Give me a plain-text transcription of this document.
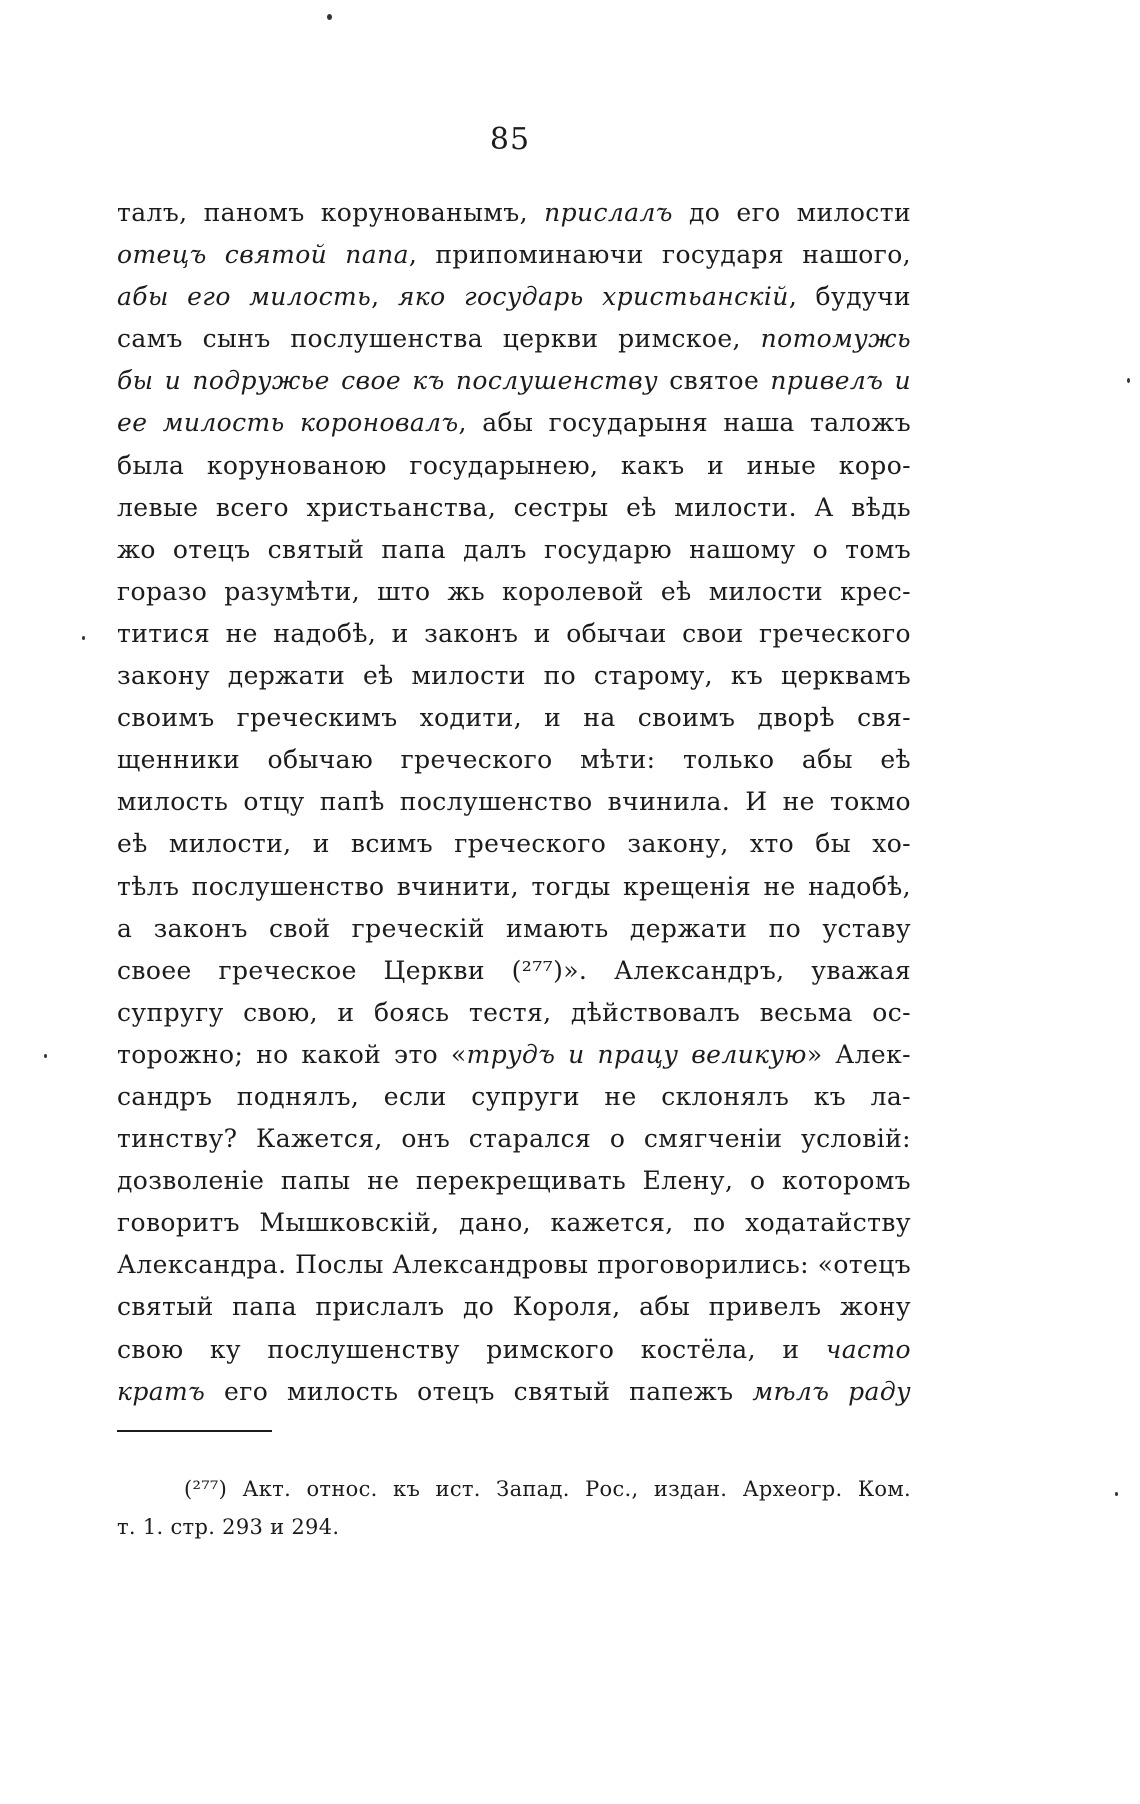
85
талъ, паномъ корунованымъ, прислалъ до его милости
отецъ святой папа, припоминаючи государя нашого,
абы его милость, яко государь христьанскій, будучи
самъ сынъ послушенства церкви римское, потомужь
бы и подружье свое къ послушенству святое привелъ и
ее милость короновалъ, абы государыня наша таложъ
была корунованою государынею, какъ и иные коро-
левые всего христьанства, сестры еѣ милости. А вѣдь
жо отецъ святый папа далъ государю нашому о томъ
горазо разумѣти, што жь королевой еѣ милости крес-
титися не надобѣ, и законъ и обычаи свои греческого
закону держати еѣ милости по старому, къ церквамъ
своимъ греческимъ ходити, и на своимъ дворѣ свя-
щенники обычаю греческого мѣти: только абы еѣ
милость отцу папѣ послушенство вчинила. И не токмо
еѣ милости, и всимъ греческого закону, хто бы хо-
тѣлъ послушенство вчинити, тогды крещенія не надобѣ,
а законъ свой греческій имають держати по уставу
своее греческое Церкви (²⁷⁷)». Александръ, уважая
супругу свою, и боясь тестя, дѣйствовалъ весьма ос-
торожно; но какой это «трудъ и працу великую» Алек-
сандръ поднялъ, если супруги не склонялъ къ ла-
тинству? Кажется, онъ старался о смягченіи условій:
дозволеніе папы не перекрещивать Елену, о которомъ
говоритъ Мышковскій, дано, кажется, по ходатайству
Александра. Послы Александровы проговорились: «отецъ
святый папа прислалъ до Короля, абы привелъ жону
свою ку послушенству римского костёла, и часто
кратъ его милость отецъ святый папежъ мѣлъ раду
(²⁷⁷) Акт. относ. къ ист. Запад. Рос., издан. Археогр. Ком.
т. 1. стр. 293 и 294.
